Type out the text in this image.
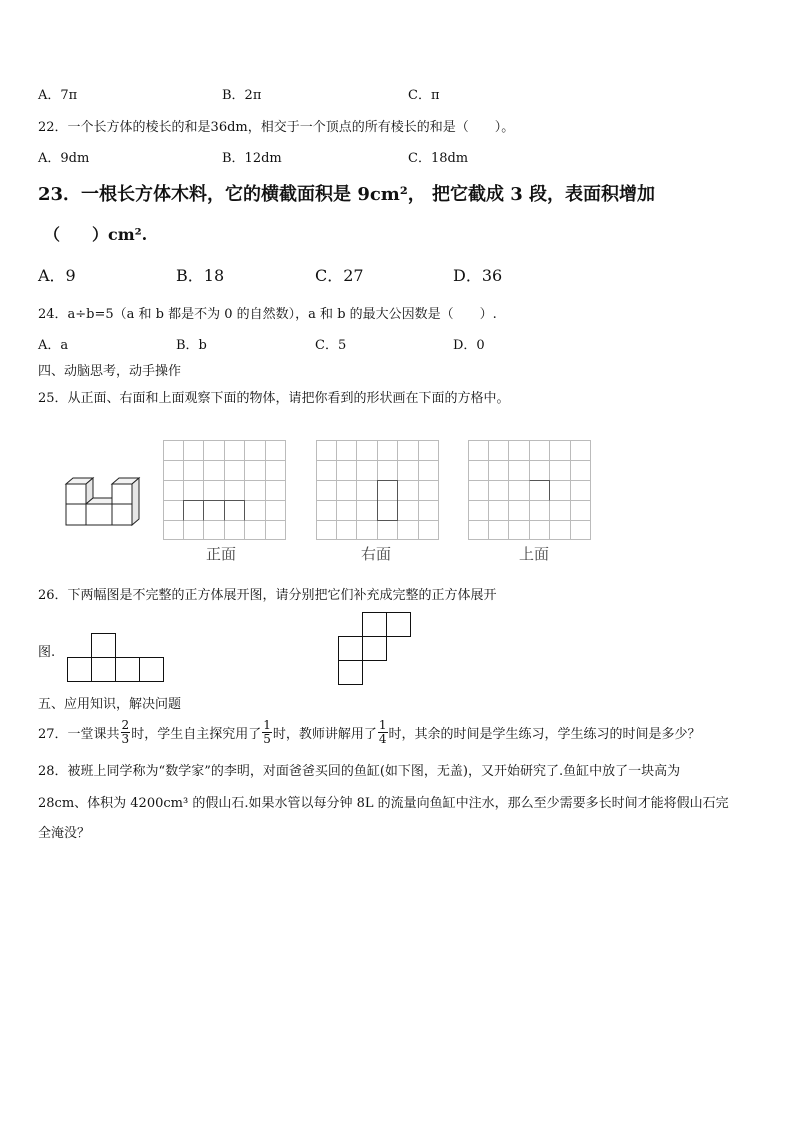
A．7π	B．2π	C．π
22．一个长方体的棱长的和是36dm，相交于一个顶点的所有棱长的和是（　　）。
A．9dm	B．12dm	C．18dm
23．一根长方体木料，它的横截面积是 9cm²， 把它截成 3 段，表面积增加
（　　）cm².
A．9	B．18	C．27	D．36
24．a÷b=5（a 和 b 都是不为 0 的自然数），a 和 b 的最大公因数是（　　）.
A．a	B．b	C．5	D．0
四、动脑思考，动手操作
25．从正面、右面和上面观察下面的物体，请把你看到的形状画在下面的方格中。
正面	右面	上面
26．下两幅图是不完整的正方体展开图，请分别把它们补充成完整的正方体展开
图.
五、应用知识，解决问题
27．一堂课共 $\frac{2}{3}$ 时，学生自主探究用了 $\frac{1}{5}$ 时，教师讲解用了 $\frac{1}{4}$ 时，其余的时间是学生练习，学生练习的时间是多少？
28．被班上同学称为“数学家”的李明，对面爸爸买回的鱼缸(如下图，无盖)，又开始研究了.鱼缸中放了一块高为
28cm、体积为 4200cm³ 的假山石.如果水管以每分钟 8L 的流量向鱼缸中注水，那么至少需要多长时间才能将假山石完
全淹没？
